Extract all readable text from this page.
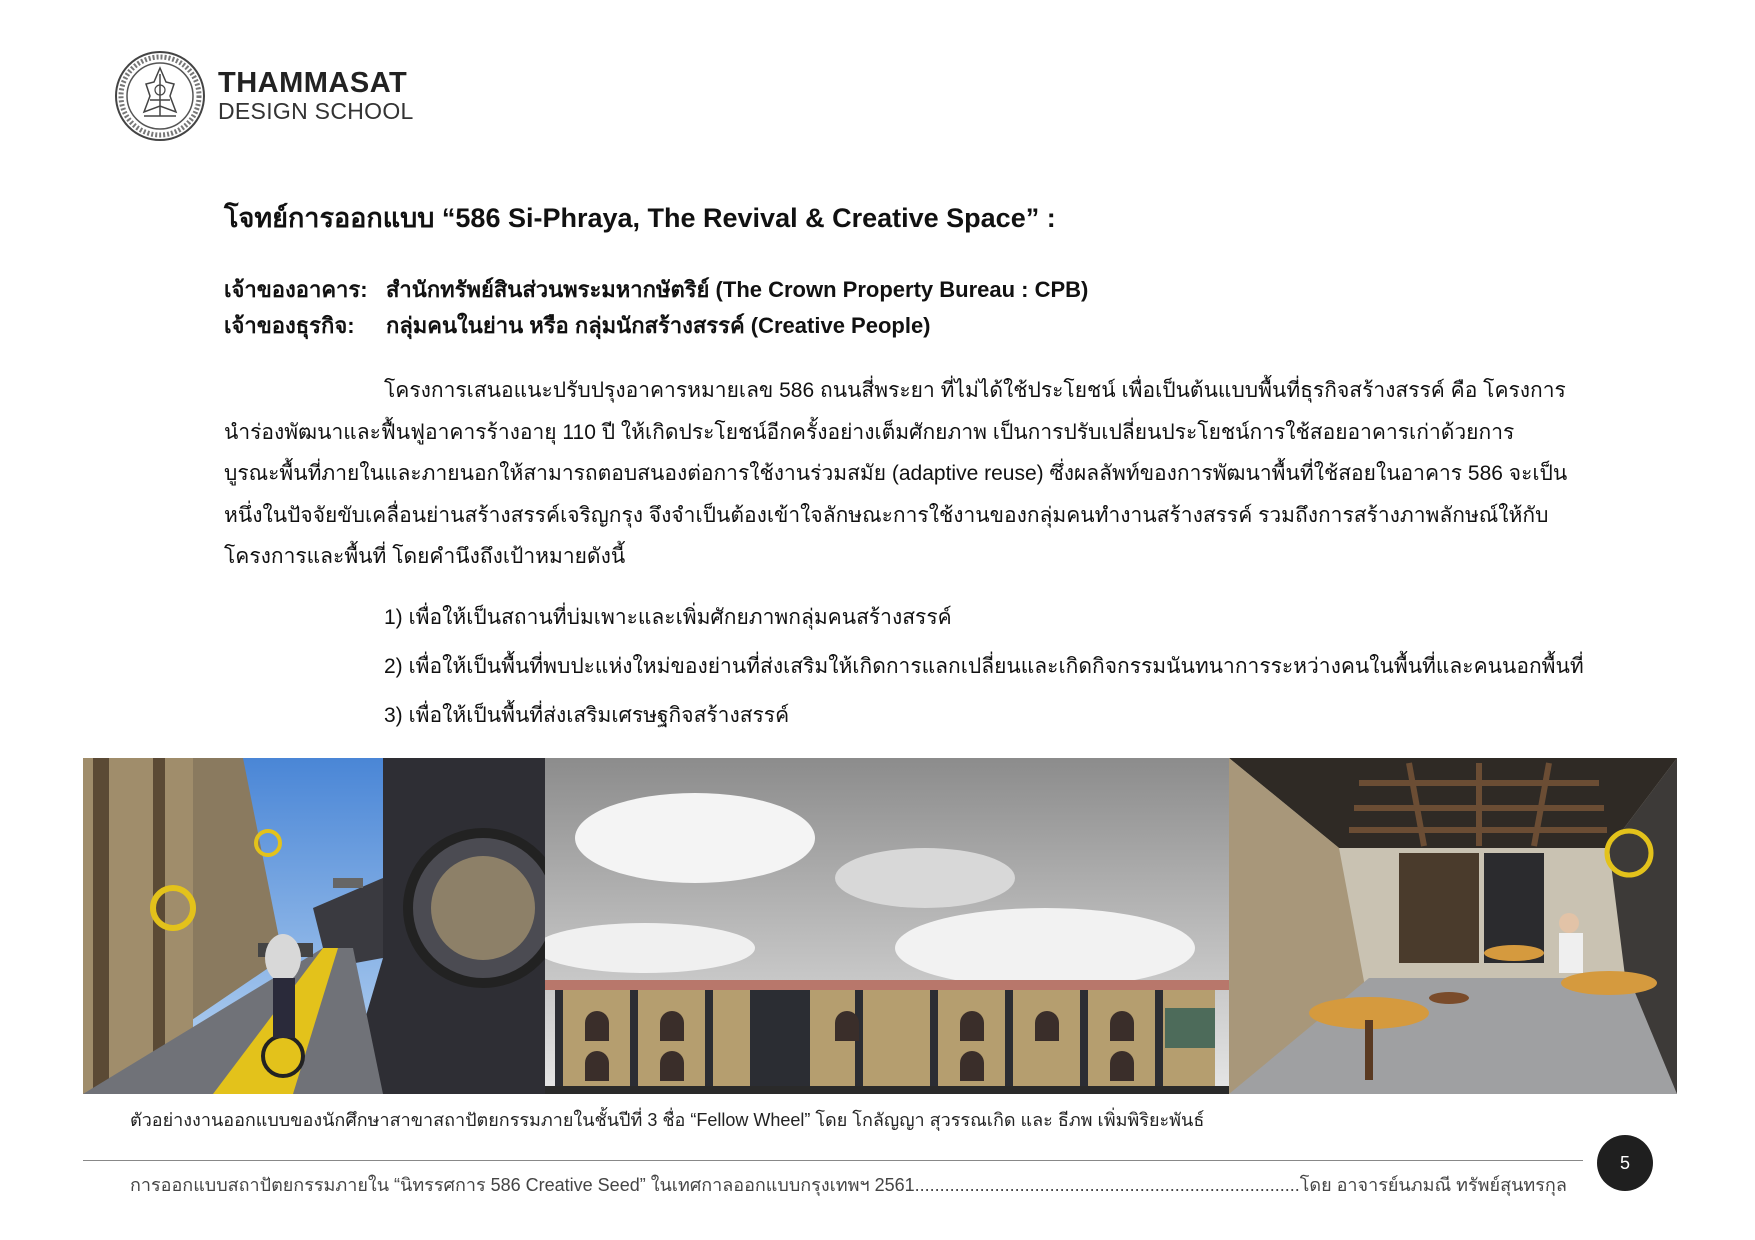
THAMMASAT
DESIGN SCHOOL
โจทย์การออกแบบ “586 Si-Phraya, The Revival & Creative Space” :
เจ้าของอาคาร: สำนักทรัพย์สินส่วนพระมหากษัตริย์ (The Crown Property Bureau : CPB)
เจ้าของธุรกิจ: กลุ่มคนในย่าน หรือ กลุ่มนักสร้างสรรค์ (Creative People)

โครงการเสนอแนะปรับปรุงอาคารหมายเลข 586 ถนนสี่พระยา ที่ไม่ได้ใช้ประโยชน์ เพื่อเป็นต้นแบบพื้นที่ธุรกิจสร้างสรรค์ คือ โครงการนำร่องพัฒนาและฟื้นฟูอาคารร้างอายุ 110 ปี ให้เกิดประโยชน์อีกครั้งอย่างเต็มศักยภาพ เป็นการปรับเปลี่ยนประโยชน์การใช้สอยอาคารเก่าด้วยการบูรณะพื้นที่ภายในและภายนอกให้สามารถตอบสนองต่อการใช้งานร่วมสมัย (adaptive reuse) ซึ่งผลลัพท์ของการพัฒนาพื้นที่ใช้สอยในอาคาร 586 จะเป็นหนึ่งในปัจจัยขับเคลื่อนย่านสร้างสรรค์เจริญกรุง จึงจำเป็นต้องเข้าใจลักษณะการใช้งานของกลุ่มคนทำงานสร้างสรรค์ รวมถึงการสร้างภาพลักษณ์ให้กับโครงการและพื้นที่ โดยคำนึงถึงเป้าหมายดังนี้

1) เพื่อให้เป็นสถานที่บ่มเพาะและเพิ่มศักยภาพกลุ่มคนสร้างสรรค์
2) เพื่อให้เป็นพื้นที่พบปะแห่งใหม่ของย่านที่ส่งเสริมให้เกิดการแลกเปลี่ยนและเกิดกิจกรรมนันทนาการระหว่างคนในพื้นที่และคนนอกพื้นที่
3) เพื่อให้เป็นพื้นที่ส่งเสริมเศรษฐกิจสร้างสรรค์
ตัวอย่างงานออกแบบของนักศึกษาสาขาสถาปัตยกรรมภายในชั้นปีที่ 3 ชื่อ “Fellow Wheel” โดย โกลัญญา สุวรรณเกิด และ ธีภพ เพิ่มพิริยะพันธ์
การออกแบบสถาปัตยกรรมภายใน “นิทรรศการ 586 Creative Seed” ในเทศกาลออกแบบกรุงเทพฯ 2561.............................................................................โดย อาจารย์นภมณี ทรัพย์สุนทรกุล
5
